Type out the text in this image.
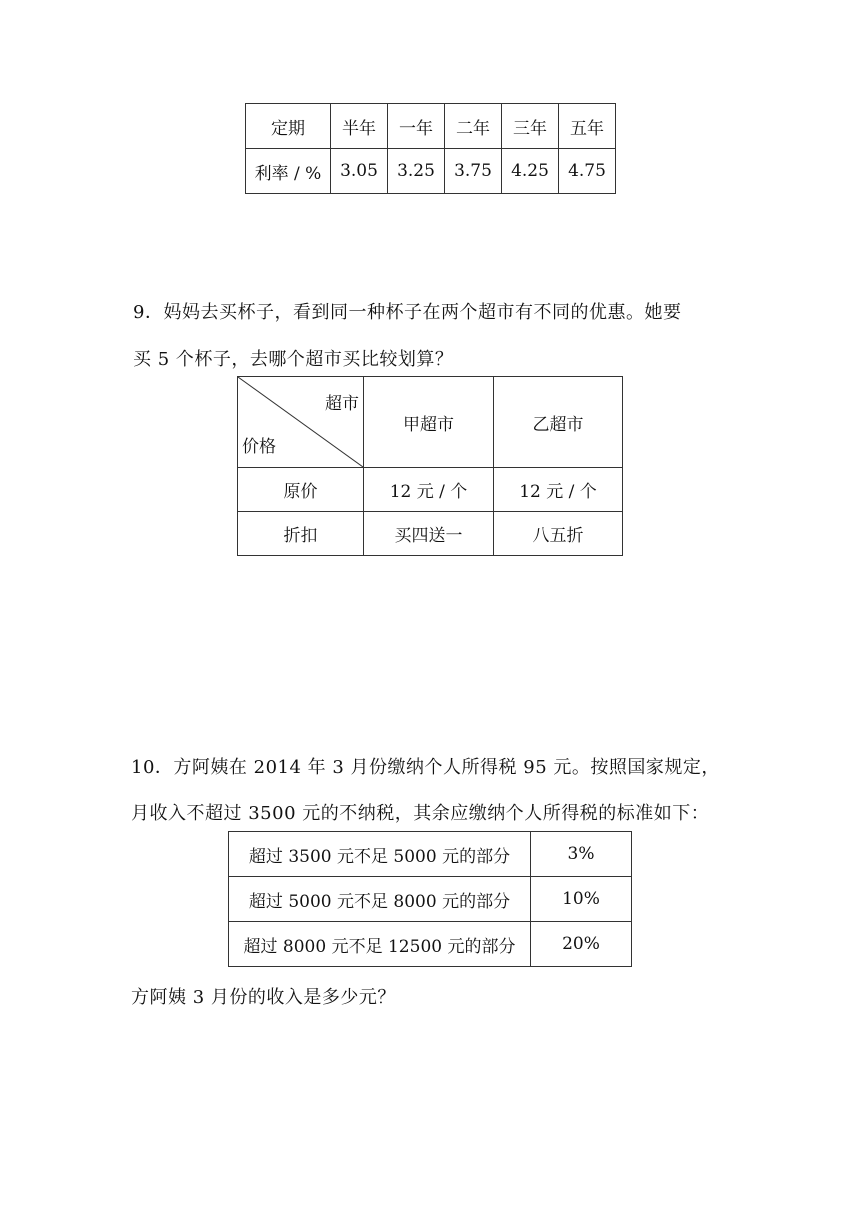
定期	半年	一年	二年	三年	五年
利率 / %	3.05	3.25	3.75	4.25	4.75
9．妈妈去买杯子，看到同一种杯子在两个超市有不同的优惠。她要
买 5 个杯子，去哪个超市买比较划算？
超市
价格	甲超市	乙超市
原价	12 元 / 个	12 元 / 个
折扣	买四送一	八五折
10．方阿姨在 2014 年 3 月份缴纳个人所得税 95 元。按照国家规定，
月收入不超过 3500 元的不纳税，其余应缴纳个人所得税的标准如下：
超过 3500 元不足 5000 元的部分	3%
超过 5000 元不足 8000 元的部分	10%
超过 8000 元不足 12500 元的部分	20%
方阿姨 3 月份的收入是多少元？
